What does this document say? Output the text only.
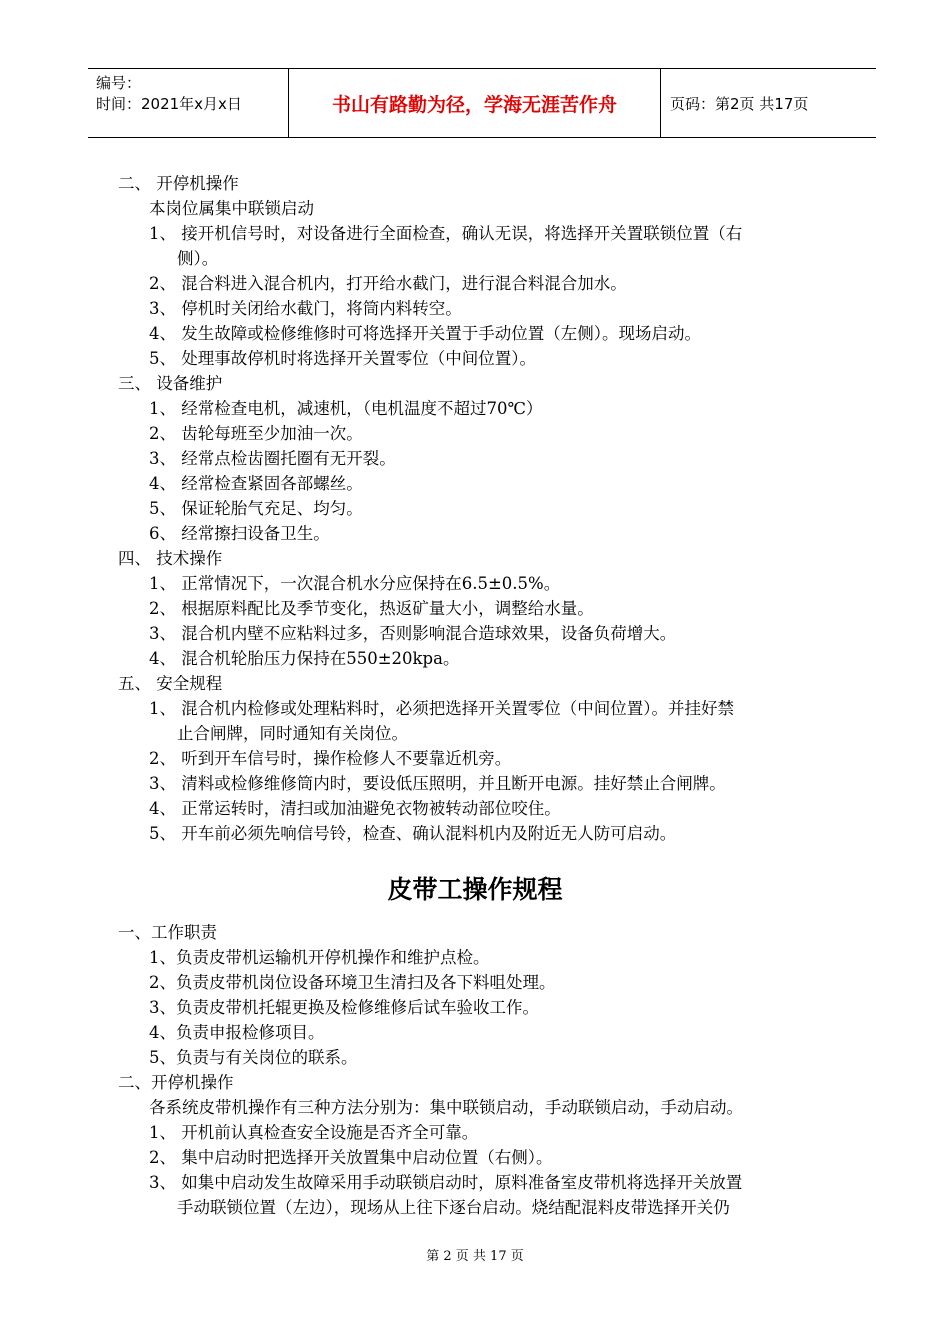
编号：
时间：2021年x月x日	书山有路勤为径，学海无涯苦作舟	页码：第2页 共17页
二、 开停机操作
本岗位属集中联锁启动
1、 接开机信号时，对设备进行全面检查，确认无误，将选择开关置联锁位置（右
侧）。
2、 混合料进入混合机内，打开给水截门，进行混合料混合加水。
3、 停机时关闭给水截门，将筒内料转空。
4、 发生故障或检修维修时可将选择开关置于手动位置（左侧）。现场启动。
5、 处理事故停机时将选择开关置零位（中间位置）。
三、 设备维护
1、 经常检查电机，减速机，（电机温度不超过70℃）
2、 齿轮每班至少加油一次。
3、 经常点检齿圈托圈有无开裂。
4、 经常检查紧固各部螺丝。
5、 保证轮胎气充足、均匀。
6、 经常擦扫设备卫生。
四、 技术操作
1、 正常情况下，一次混合机水分应保持在6.5±0.5%。
2、 根据原料配比及季节变化，热返矿量大小，调整给水量。
3、 混合机内壁不应粘料过多，否则影响混合造球效果，设备负荷增大。
4、 混合机轮胎压力保持在550±20kpa。
五、 安全规程
1、 混合机内检修或处理粘料时，必须把选择开关置零位（中间位置）。并挂好禁
止合闸牌，同时通知有关岗位。
2、 听到开车信号时，操作检修人不要靠近机旁。
3、 清料或检修维修筒内时，要设低压照明，并且断开电源。挂好禁止合闸牌。
4、 正常运转时，清扫或加油避免衣物被转动部位咬住。
5、 开车前必须先响信号铃，检查、确认混料机内及附近无人防可启动。
皮带工操作规程
一、工作职责
1、负责皮带机运输机开停机操作和维护点检。
2、负责皮带机岗位设备环境卫生清扫及各下料咀处理。
3、负责皮带机托辊更换及检修维修后试车验收工作。
4、负责申报检修项目。
5、负责与有关岗位的联系。
二、开停机操作
各系统皮带机操作有三种方法分别为：集中联锁启动，手动联锁启动，手动启动。
1、 开机前认真检查安全设施是否齐全可靠。
2、 集中启动时把选择开关放置集中启动位置（右侧）。
3、 如集中启动发生故障采用手动联锁启动时，原料准备室皮带机将选择开关放置
手动联锁位置（左边），现场从上往下逐台启动。烧结配混料皮带选择开关仍
第 2 页 共 17 页
